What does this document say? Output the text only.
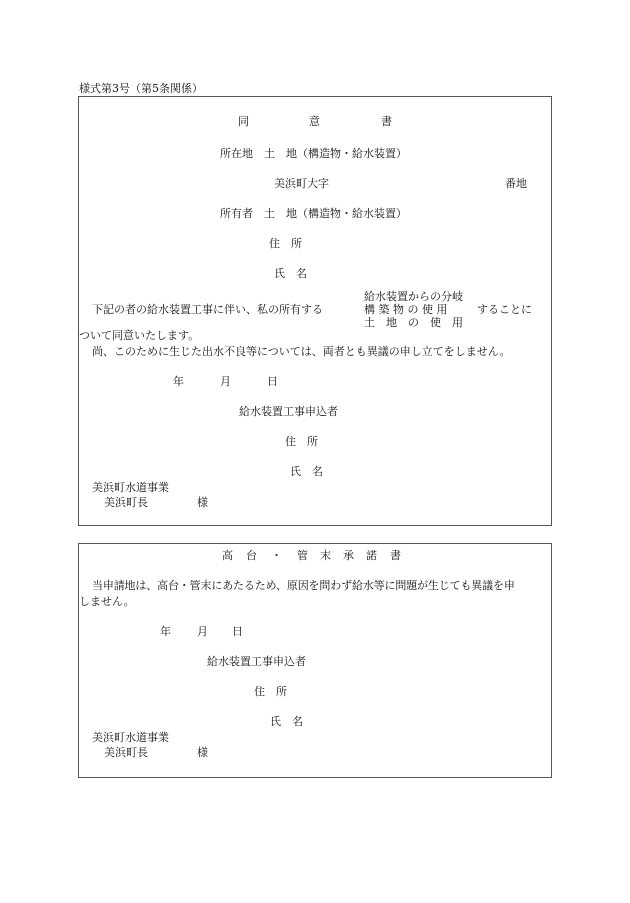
様式第3号（第5条関係）
同	意	書
所在地　土　地（構造物・給水装置）
美浜町大字	番地
所有者　土　地（構造物・給水装置）
住　所
氏　名
給水装置からの分岐
構 築 物 の 使 用
土　地　の　使　用
下記の者の給水装置工事に伴い、私の所有する	することに
ついて同意いたします。
尚、このために生じた出水不良等については、両者とも異議の申し立てをしません。
年	月	日
給水装置工事申込者
住　所
氏　名
美浜町水道事業
美浜町長	様
高 台 ・ 管 末 承 諾 書
当申請地は、高台・管末にあたるため、原因を問わず給水等に問題が生じても異議を申
しません。
年 月 日
給水装置工事申込者
住　所
氏　名
美浜町水道事業
美浜町長	様
